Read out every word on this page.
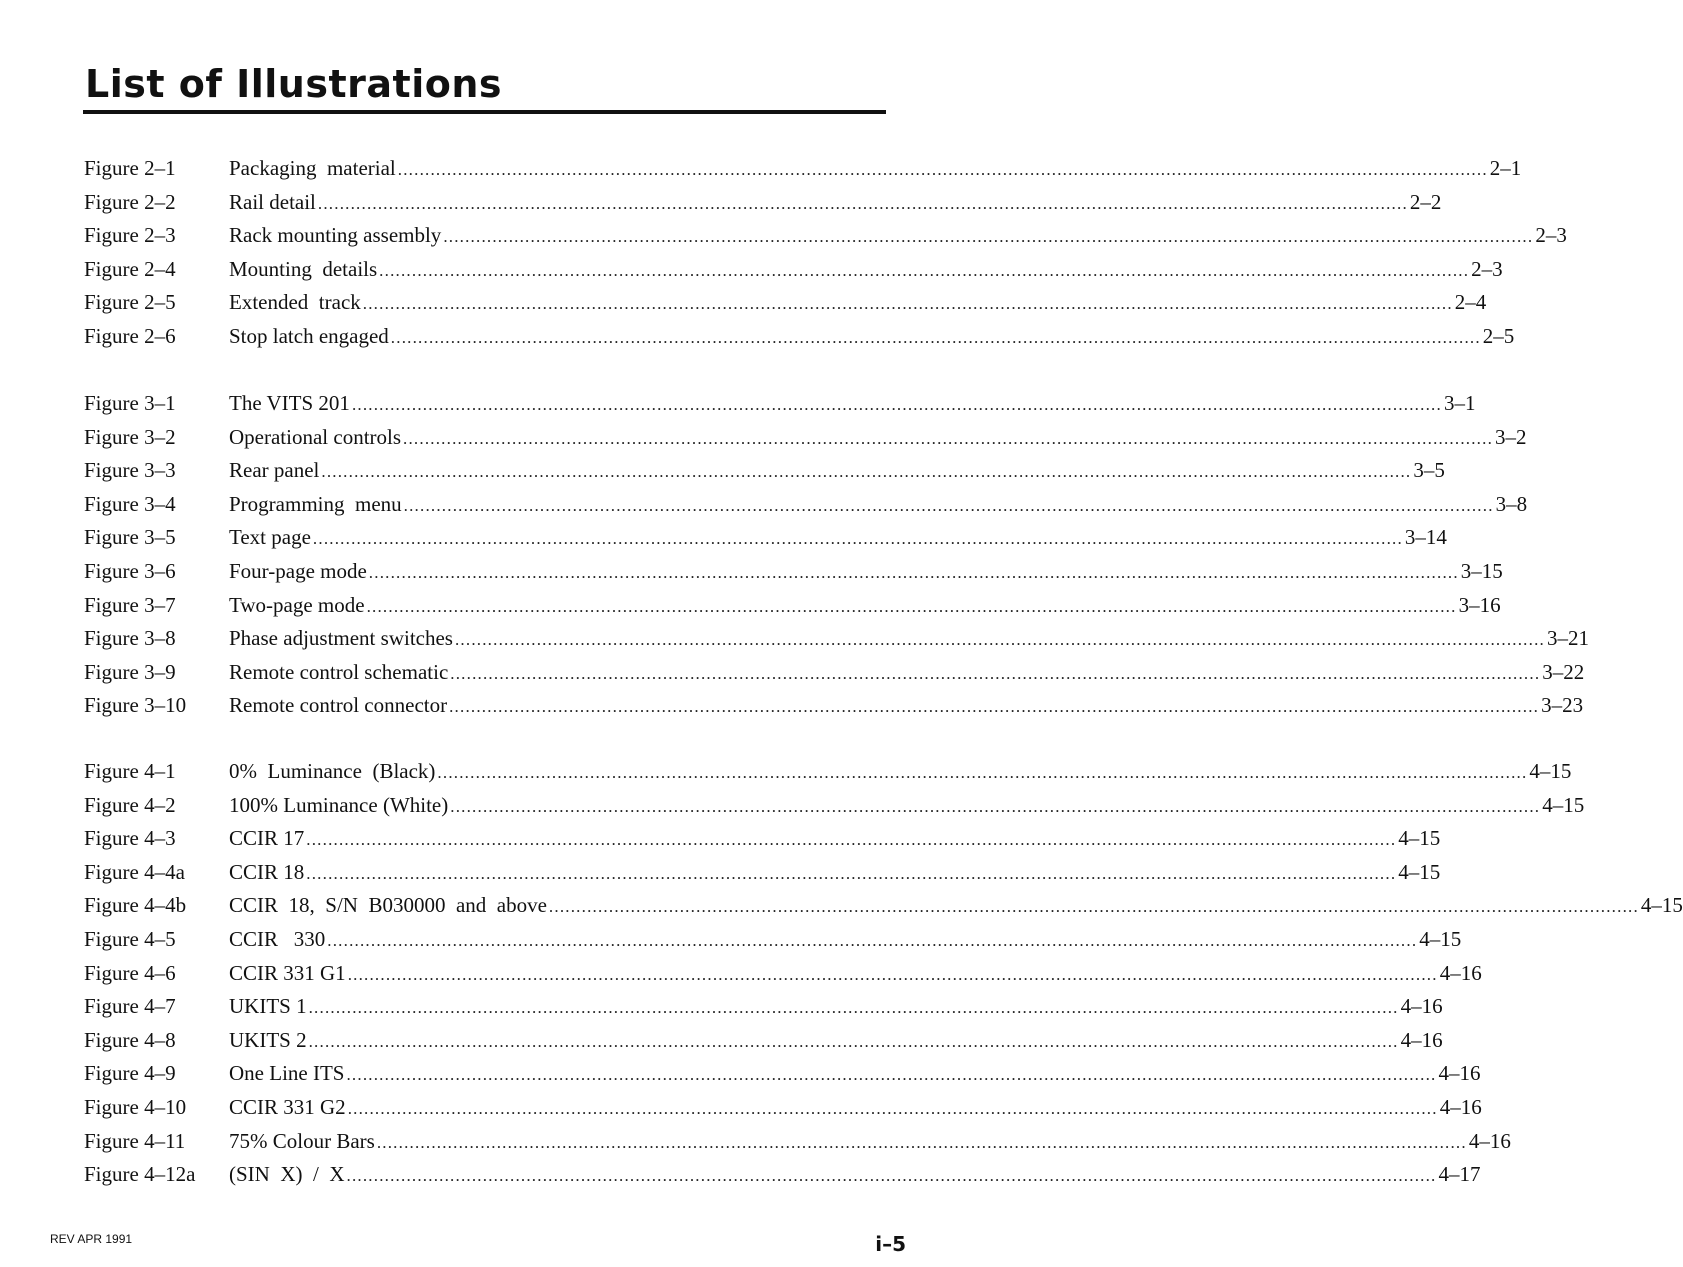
List of Illustrations
Figure 2–1	Packaging  material ........................................................................................................................................................................................................ 2–1
Figure 2–2	Rail detail ........................................................................................................................................................................................................ 2–2
Figure 2–3	Rack mounting assembly ........................................................................................................................................................................................................ 2–3
Figure 2–4	Mounting  details ........................................................................................................................................................................................................ 2–3
Figure 2–5	Extended  track ........................................................................................................................................................................................................ 2–4
Figure 2–6	Stop latch engaged ........................................................................................................................................................................................................ 2–5
Figure 3–1	The VITS 201 ........................................................................................................................................................................................................ 3–1
Figure 3–2	Operational controls ........................................................................................................................................................................................................ 3–2
Figure 3–3	Rear panel ........................................................................................................................................................................................................ 3–5
Figure 3–4	Programming  menu ........................................................................................................................................................................................................ 3–8
Figure 3–5	Text page ........................................................................................................................................................................................................ 3–14
Figure 3–6	Four-page mode ........................................................................................................................................................................................................ 3–15
Figure 3–7	Two-page mode ........................................................................................................................................................................................................ 3–16
Figure 3–8	Phase adjustment switches ........................................................................................................................................................................................................ 3–21
Figure 3–9	Remote control schematic ........................................................................................................................................................................................................ 3–22
Figure 3–10 Remote control connector ........................................................................................................................................................................................................ 3–23
Figure 4–1	0%  Luminance  (Black) ........................................................................................................................................................................................................ 4–15
Figure 4–2	100% Luminance (White) ........................................................................................................................................................................................................ 4–15
Figure 4–3	CCIR 17 ........................................................................................................................................................................................................ 4–15
Figure 4–4a CCIR 18 ........................................................................................................................................................................................................ 4–15
Figure 4–4b CCIR  18,  S/N  B030000  and  above ........................................................................................................................................................................................................ 4–15
Figure 4–5	CCIR   330 ........................................................................................................................................................................................................ 4–15
Figure 4–6	CCIR 331 G1 ........................................................................................................................................................................................................ 4–16
Figure 4–7	UKITS 1 ........................................................................................................................................................................................................ 4–16
Figure 4–8	UKITS 2 ........................................................................................................................................................................................................ 4–16
Figure 4–9	One Line ITS ........................................................................................................................................................................................................ 4–16
Figure 4–10 CCIR 331 G2 ........................................................................................................................................................................................................ 4–16
Figure 4–11 75% Colour Bars ........................................................................................................................................................................................................ 4–16
Figure 4–12a (SIN  X)  /  X ........................................................................................................................................................................................................ 4–17
REV APR 1991	i–5
